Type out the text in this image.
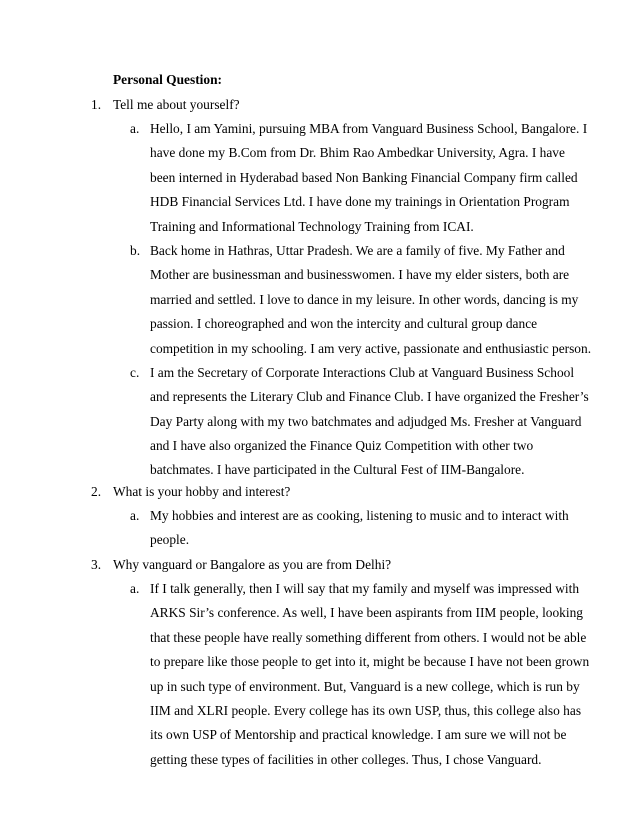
Personal Question:
1. Tell me about yourself?
a. Hello, I am Yamini, pursuing MBA from Vanguard Business School, Bangalore. I
have done my B.Com from Dr. Bhim Rao Ambedkar University, Agra. I have
been interned in Hyderabad based Non Banking Financial Company firm called
HDB Financial Services Ltd. I have done my trainings in Orientation Program
Training and Informational Technology Training from ICAI.
b. Back home in Hathras, Uttar Pradesh. We are a family of five. My Father and
Mother are businessman and businesswomen. I have my elder sisters, both are
married and settled. I love to dance in my leisure. In other words, dancing is my
passion. I choreographed and won the intercity and cultural group dance
competition in my schooling. I am very active, passionate and enthusiastic person.
c. I am the Secretary of Corporate Interactions Club at Vanguard Business School
and represents the Literary Club and Finance Club. I have organized the Fresher’s
Day Party along with my two batchmates and adjudged Ms. Fresher at Vanguard
and I have also organized the Finance Quiz Competition with other two
batchmates. I have participated in the Cultural Fest of IIM-Bangalore.
2. What is your hobby and interest?
a. My hobbies and interest are as cooking, listening to music and to interact with
people.
3. Why vanguard or Bangalore as you are from Delhi?
a. If I talk generally, then I will say that my family and myself was impressed with
ARKS Sir’s conference. As well, I have been aspirants from IIM people, looking
that these people have really something different from others. I would not be able
to prepare like those people to get into it, might be because I have not been grown
up in such type of environment. But, Vanguard is a new college, which is run by
IIM and XLRI people. Every college has its own USP, thus, this college also has
its own USP of Mentorship and practical knowledge. I am sure we will not be
getting these types of facilities in other colleges. Thus, I chose Vanguard.
